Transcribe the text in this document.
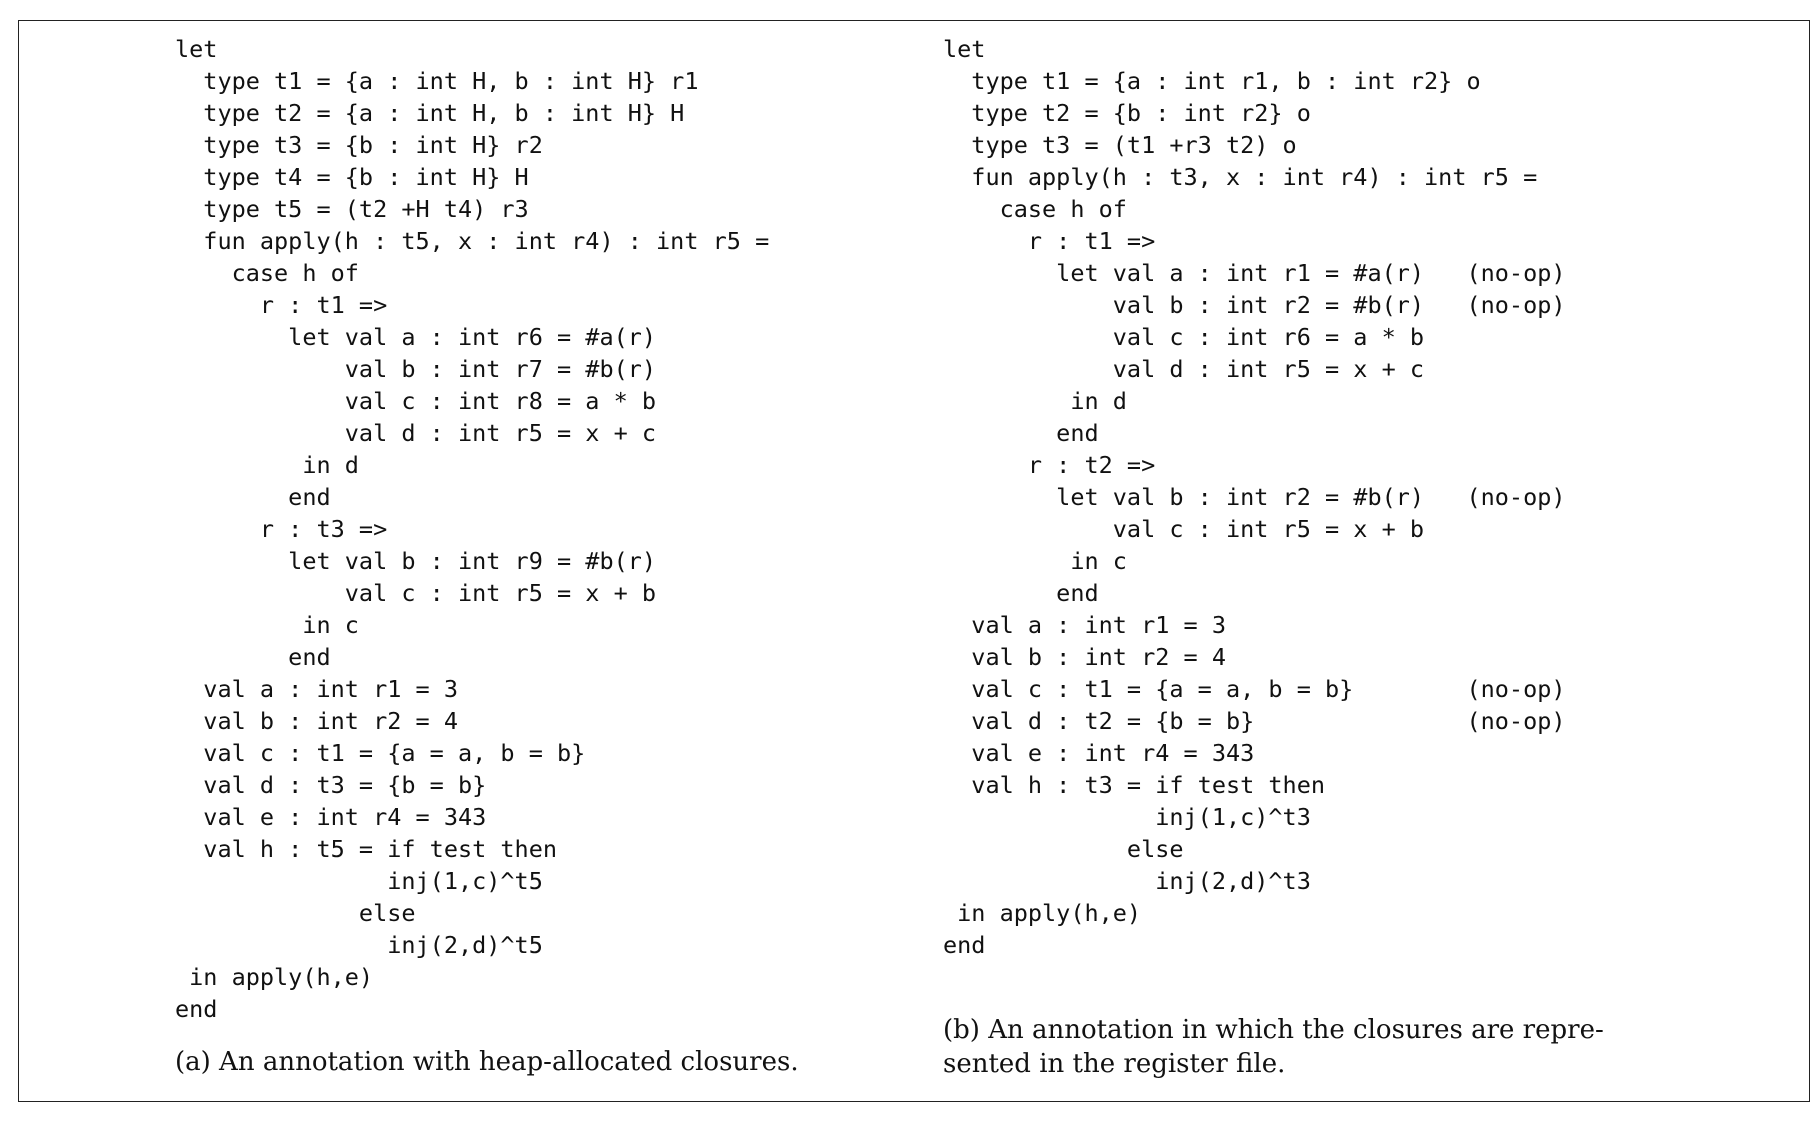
let
type t1 = {a : int H, b : int H} r1
type t2 = {a : int H, b : int H} H
type t3 = {b : int H} r2
type t4 = {b : int H} H
type t5 = (t2 +H t4) r3
fun apply(h : t5, x : int r4) : int r5 =
case h of
r : t1 =>
let val a : int r6 = #a(r)
val b : int r7 = #b(r)
val c : int r8 = a * b
val d : int r5 = x + c
in d
end
r : t3 =>
let val b : int r9 = #b(r)
val c : int r5 = x + b
in c
end
val a : int r1 = 3
val b : int r2 = 4
val c : t1 = {a = a, b = b}
val d : t3 = {b = b}
val e : int r4 = 343
val h : t5 = if test then
inj(1,c)^t5
else
inj(2,d)^t5
in apply(h,e)
end
let
type t1 = {a : int r1, b : int r2} o
type t2 = {b : int r2} o
type t3 = (t1 +r3 t2) o
fun apply(h : t3, x : int r4) : int r5 =
case h of
r : t1 =>
let val a : int r1 = #a(r)   (no-op)
val b : int r2 = #b(r)   (no-op)
val c : int r6 = a * b
val d : int r5 = x + c
in d
end
r : t2 =>
let val b : int r2 = #b(r)   (no-op)
val c : int r5 = x + b
in c
end
val a : int r1 = 3
val b : int r2 = 4
val c : t1 = {a = a, b = b}        (no-op)
val d : t2 = {b = b}               (no-op)
val e : int r4 = 343
val h : t3 = if test then
inj(1,c)^t3
else
inj(2,d)^t3
in apply(h,e)
end
(a) An annotation with heap-allocated closures.
(b) An annotation in which the closures are repre-
sented in the register file.
